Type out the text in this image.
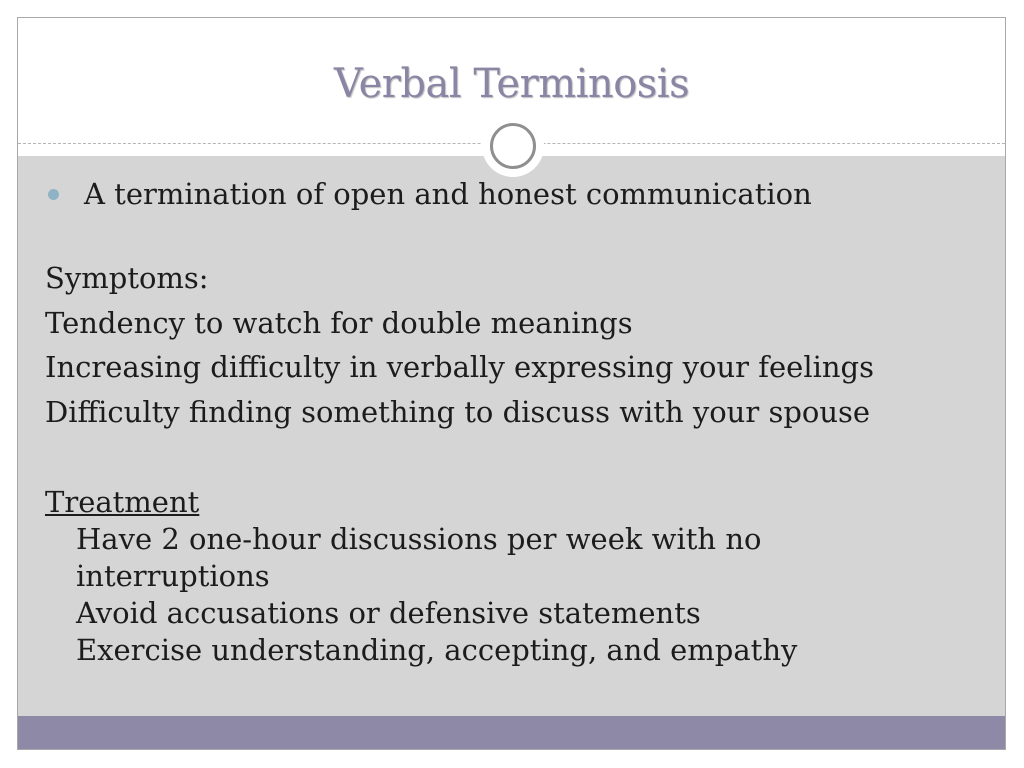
Verbal Terminosis
A termination of open and honest communication
Symptoms:
Tendency to watch for double meanings
Increasing difficulty in verbally expressing your feelings
Difficulty finding something to discuss with your spouse
Treatment
Have 2 one-hour discussions per week with no
interruptions
Avoid accusations or defensive statements
Exercise understanding, accepting, and empathy
